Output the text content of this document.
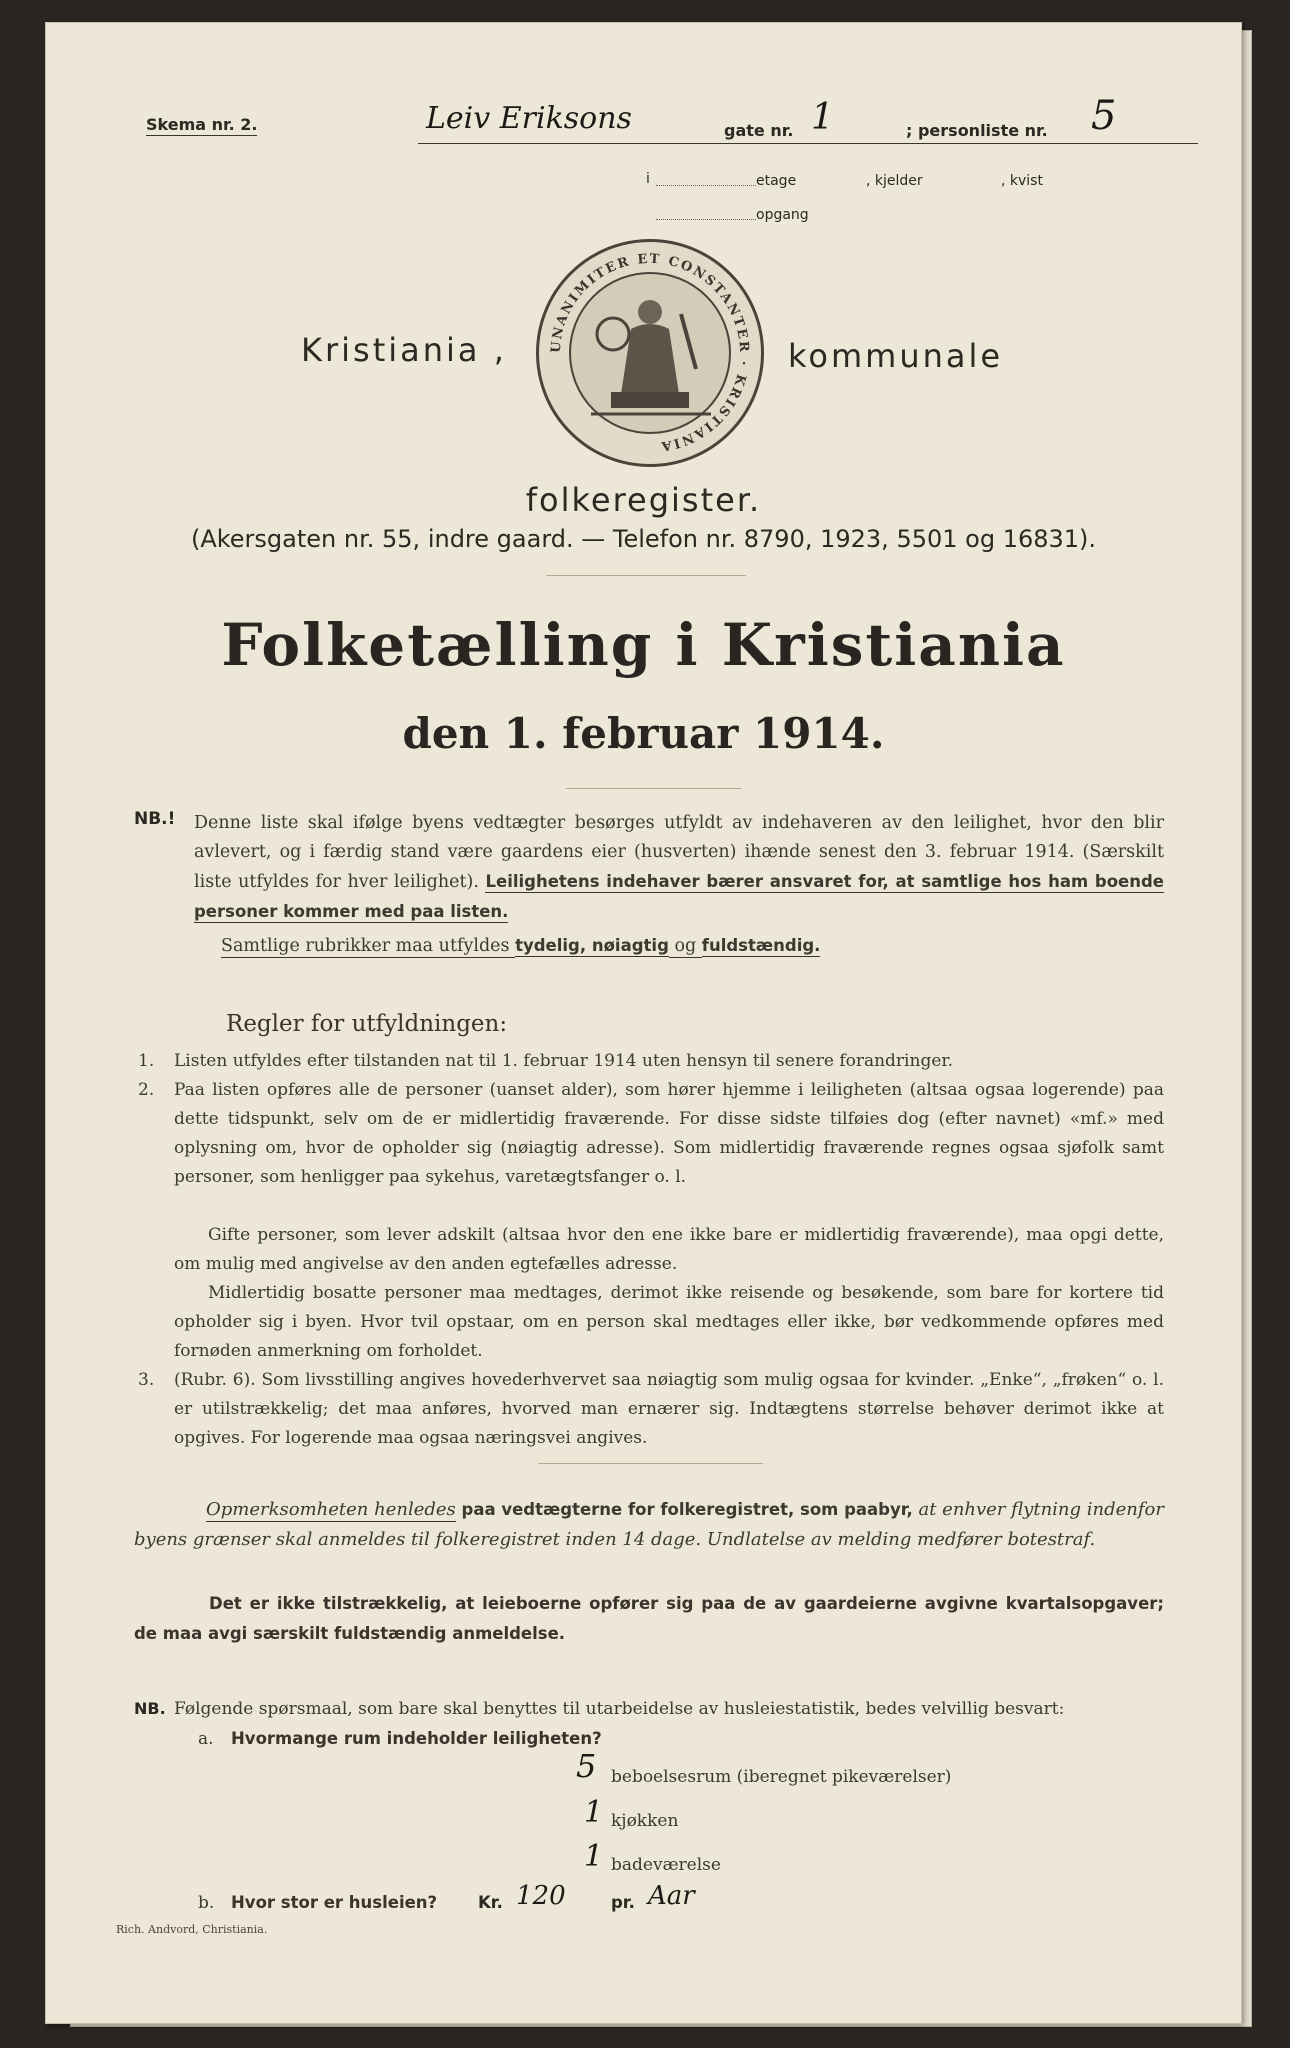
Skema nr. 2.	Leiv Eriksons	gate nr. 1	; personliste nr. 5
i	etage	, kjelder	, kvist
opgang
Kristiania ,	UNANIMITER ET CONSTANTER · KRISTIANIA
kommunale
folkeregister.
(Akersgaten nr. 55, indre gaard. — Telefon nr. 8790, 1923, 5501 og 16831).
Folketælling i Kristiania
den 1. februar 1914.
NB.! Denne liste skal ifølge byens vedtægter besørges utfyldt av indehaveren av den leilighet, hvor den blir avlevert, og i færdig stand være gaardens eier (husverten) ihænde senest den 3. februar 1914. (Særskilt liste utfyldes for hver leilighet). Leilighetens indehaver bærer ansvaret for, at samtlige hos ham boende personer kommer med paa listen.
Samtlige rubrikker maa utfyldes tydelig, nøiagtig og fuldstændig.
Regler for utfyldningen:
1. Listen utfyldes efter tilstanden nat til 1. februar 1914 uten hensyn til senere forandringer.
2. Paa listen opføres alle de personer (uanset alder), som hører hjemme i leiligheten (altsaa ogsaa logerende) paa dette tidspunkt, selv om de er midlertidig fraværende. For disse sidste tilføies dog (efter navnet) «mf.» med oplysning om, hvor de opholder sig (nøiagtig adresse). Som midlertidig fraværende regnes ogsaa sjøfolk samt personer, som henligger paa sykehus, varetægtsfanger o. l.
Gifte personer, som lever adskilt (altsaa hvor den ene ikke bare er midlertidig fraværende), maa opgi dette, om mulig med angivelse av den anden egtefælles adresse.
Midlertidig bosatte personer maa medtages, derimot ikke reisende og besøkende, som bare for kortere tid opholder sig i byen. Hvor tvil opstaar, om en person skal medtages eller ikke, bør vedkommende opføres med fornøden anmerkning om forholdet.
3. (Rubr. 6). Som livsstilling angives hovederhvervet saa nøiagtig som mulig ogsaa for kvinder. „Enke“, „frøken“ o. l. er utilstrækkelig; det maa anføres, hvorved man ernærer sig. Indtægtens størrelse behøver derimot ikke at opgives. For logerende maa ogsaa næringsvei angives.
Opmerksomheten henledes paa vedtægterne for folkeregistret, som paabyr, at enhver flytning indenfor byens grænser skal anmeldes til folkeregistret inden 14 dage. Undlatelse av melding medfører botestraf.
Det er ikke tilstrækkelig, at leieboerne opfører sig paa de av gaardeierne avgivne kvartalsopgaver; de maa avgi særskilt fuldstændig anmeldelse.
NB. Følgende spørsmaal, som bare skal benyttes til utarbeidelse av husleiestatistik, bedes velvillig besvart:
a. Hvormange rum indeholder leiligheten?
5 beboelsesrum (iberegnet pikeværelser)
1 kjøkken
1 badeværelse
b. Hvor stor er husleien? Kr. 120	pr. Aar
Rich. Andvord, Christiania.
